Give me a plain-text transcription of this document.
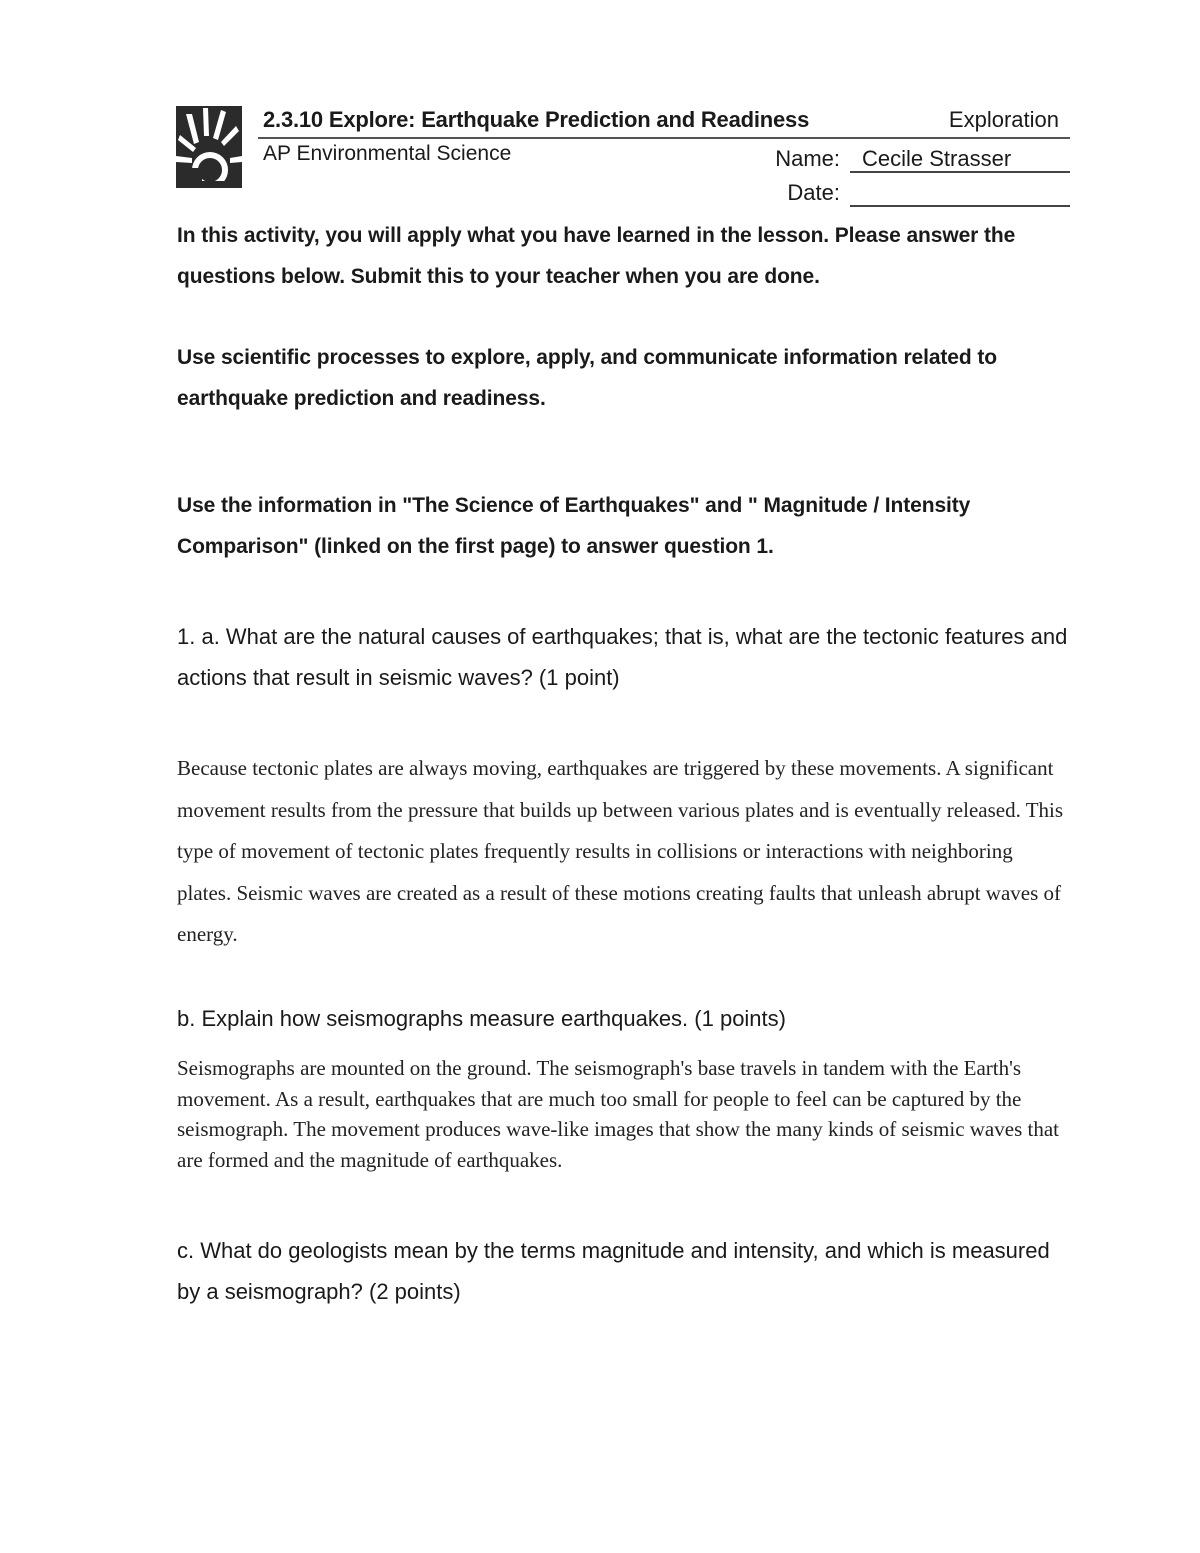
2.3.10 Explore: Earthquake Prediction and Readiness	Exploration
AP Environmental Science	Name:	Cecile Strasser
Date:
In this activity, you will apply what you have learned in the lesson. Please answer the questions below. Submit this to your teacher when you are done.
Use scientific processes to explore, apply, and communicate information related to earthquake prediction and readiness.
Use the information in "The Science of Earthquakes" and " Magnitude / Intensity Comparison" (linked on the first page) to answer question 1.
1. a. What are the natural causes of earthquakes; that is, what are the tectonic features and actions that result in seismic waves? (1 point)
Because tectonic plates are always moving, earthquakes are triggered by these movements. A significant movement results from the pressure that builds up between various plates and is eventually released. This type of movement of tectonic plates frequently results in collisions or interactions with neighboring plates. Seismic waves are created as a result of these motions creating faults that unleash abrupt waves of energy.
b. Explain how seismographs measure earthquakes. (1 points)
Seismographs are mounted on the ground. The seismograph's base travels in tandem with the Earth's movement. As a result, earthquakes that are much too small for people to feel can be captured by the seismograph. The movement produces wave-like images that show the many kinds of seismic waves that are formed and the magnitude of earthquakes.
c. What do geologists mean by the terms magnitude and intensity, and which is measured by a seismograph? (2 points)
